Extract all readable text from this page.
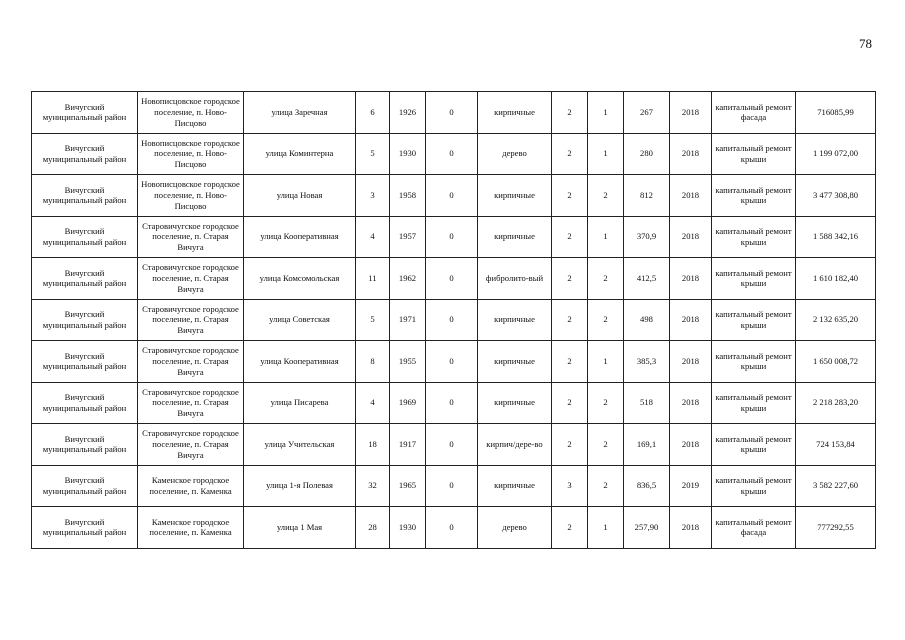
78
Вичугский муниципальный район	Новописцовское городское поселение, п. Ново-Писцово	улица Заречная	6	1926	0	кирпичные	2	1	267	2018	капитальный ремонт фасада	716085,99
Вичугский муниципальный район	Новописцовское городское поселение, п. Ново-Писцово	улица Коминтерна	5	1930	0	дерево	2	1	280	2018	капитальный ремонт крыши	1 199 072,00
Вичугский муниципальный район	Новописцовское городское поселение, п. Ново-Писцово	улица Новая	3	1958	0	кирпичные	2	2	812	2018	капитальный ремонт крыши	3 477 308,80
Вичугский муниципальный район	Старовичугское городское поселение, п. Старая Вичуга	улица Кооперативная	4	1957	0	кирпичные	2	1	370,9	2018	капитальный ремонт крыши	1 588 342,16
Вичугский муниципальный район	Старовичугское городское поселение, п. Старая Вичуга	улица Комсомольская	11	1962	0	фибролито-вый	2	2	412,5	2018	капитальный ремонт крыши	1 610 182,40
Вичугский муниципальный район	Старовичугское городское поселение, п. Старая Вичуга	улица Советская	5	1971	0	кирпичные	2	2	498	2018	капитальный ремонт крыши	2 132 635,20
Вичугский муниципальный район	Старовичугское городское поселение, п. Старая Вичуга	улица Кооперативная	8	1955	0	кирпичные	2	1	385,3	2018	капитальный ремонт крыши	1 650 008,72
Вичугский муниципальный район	Старовичугское городское поселение, п. Старая Вичуга	улица Писарева	4	1969	0	кирпичные	2	2	518	2018	капитальный ремонт крыши	2 218 283,20
Вичугский муниципальный район	Старовичугское городское поселение, п. Старая Вичуга	улица Учительская	18	1917	0	кирпич/дере-во	2	2	169,1	2018	капитальный ремонт крыши	724 153,84
Вичугский муниципальный район	Каменское городское поселение, п. Каменка	улица 1-я Полевая	32	1965	0	кирпичные	3	2	836,5	2019	капитальный ремонт крыши	3 582 227,60
Вичугский муниципальный район	Каменское городское поселение, п. Каменка	улица 1 Мая	28	1930	0	дерево	2	1	257,90	2018	капитальный ремонт фасада	777292,55
